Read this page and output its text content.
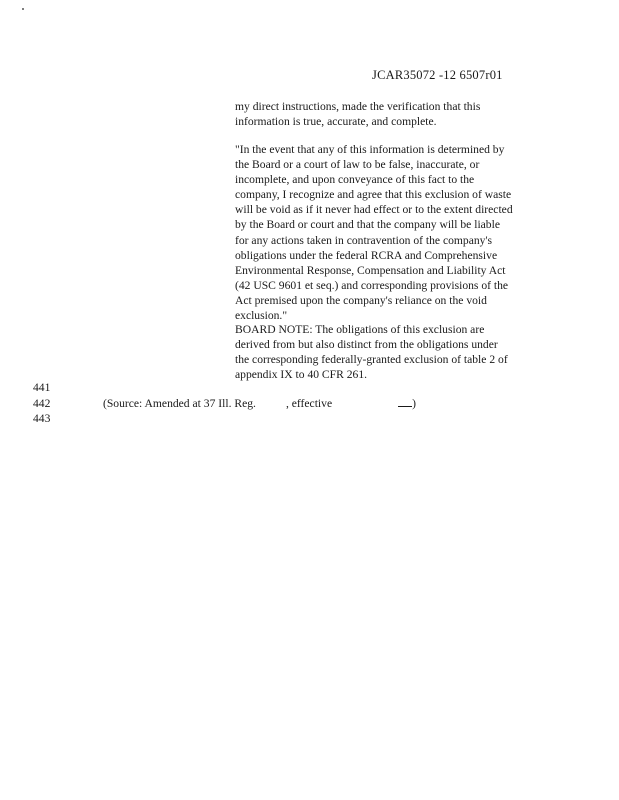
JCAR35072 -12 6507r01
my direct instructions, made the verification that this
information is true, accurate, and complete.
"In the event that any of this information is determined by
the Board or a court of law to be false, inaccurate, or
incomplete, and upon conveyance of this fact to the
company, I recognize and agree that this exclusion of waste
will be void as if it never had effect or to the extent directed
by the Board or court and that the company will be liable
for any actions taken in contravention of the company's
obligations under the federal RCRA and Comprehensive
Environmental Response, Compensation and Liability Act
(42 USC 9601 et seq.) and corresponding provisions of the
Act premised upon the company's reliance on the void
exclusion."
BOARD NOTE: The obligations of this exclusion are
derived from but also distinct from the obligations under
the corresponding federally-granted exclusion of table 2 of
appendix IX to 40 CFR 261.
441
442
443
(Source: Amended at 37 Ill. Reg.	, effective	)
